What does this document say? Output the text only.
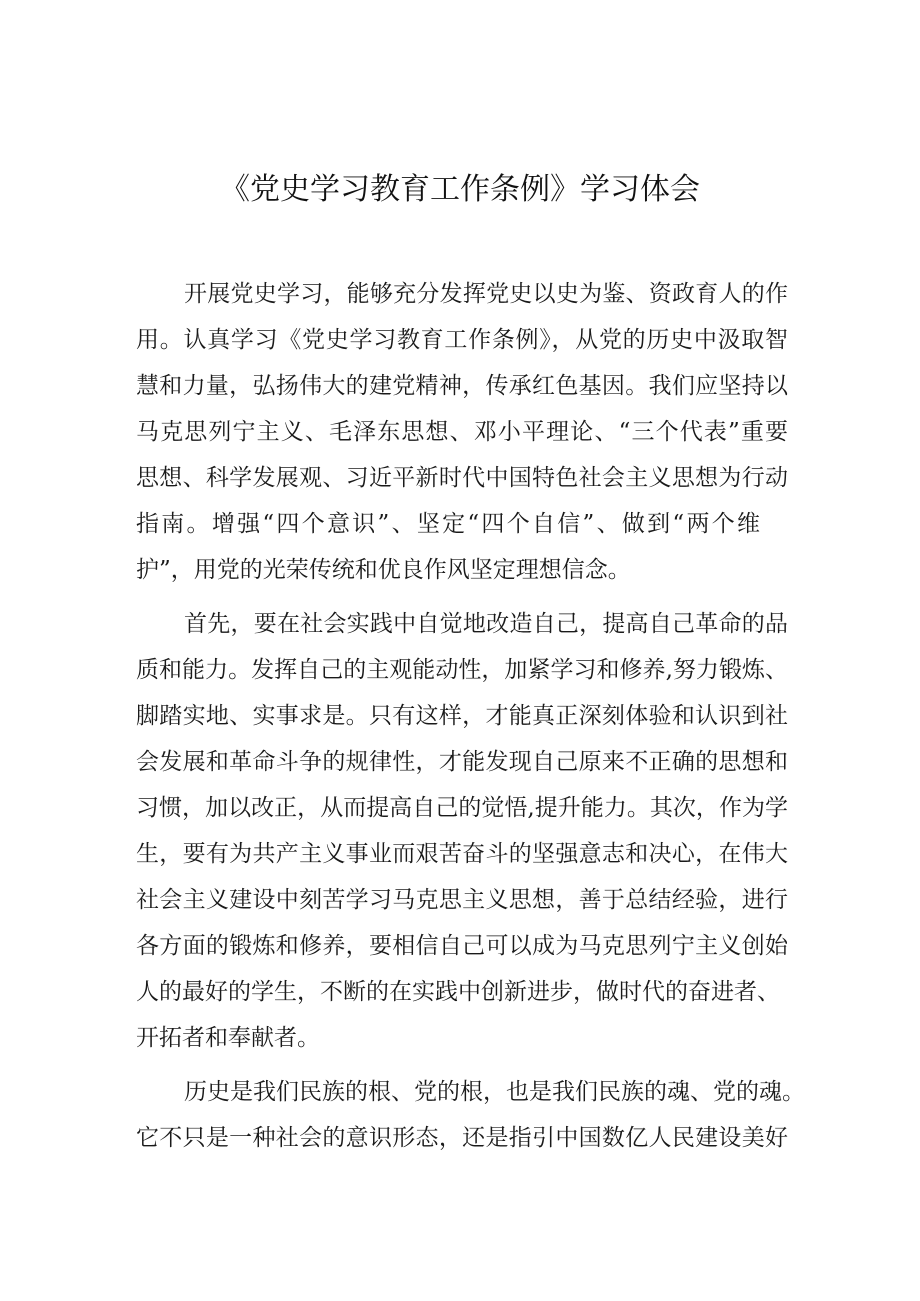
《党史学习教育工作条例》学习体会
开展党史学习，能够充分发挥党史以史为鉴、资政育人的作
用。认真学习《党史学习教育工作条例》，从党的历史中汲取智
慧和力量，弘扬伟大的建党精神，传承红色基因。我们应坚持以
马克思列宁主义、毛泽东思想、邓小平理论、“三个代表”重要
思想、科学发展观、习近平新时代中国特色社会主义思想为行动
指南。增强“四个意识”、坚定“四个自信”、做到“两个维
护”，用党的光荣传统和优良作风坚定理想信念。
首先，要在社会实践中自觉地改造自己，提高自己革命的品
质和能力。发挥自己的主观能动性，加紧学习和修养,努力锻炼、
脚踏实地、实事求是。只有这样，才能真正深刻体验和认识到社
会发展和革命斗争的规律性，才能发现自己原来不正确的思想和
习惯，加以改正，从而提高自己的觉悟,提升能力。其次，作为学
生，要有为共产主义事业而艰苦奋斗的坚强意志和决心，在伟大
社会主义建设中刻苦学习马克思主义思想，善于总结经验，进行
各方面的锻炼和修养，要相信自己可以成为马克思列宁主义创始
人的最好的学生，不断的在实践中创新进步，做时代的奋进者、
开拓者和奉献者。
历史是我们民族的根、党的根，也是我们民族的魂、党的魂。
它不只是一种社会的意识形态，还是指引中国数亿人民建设美好
